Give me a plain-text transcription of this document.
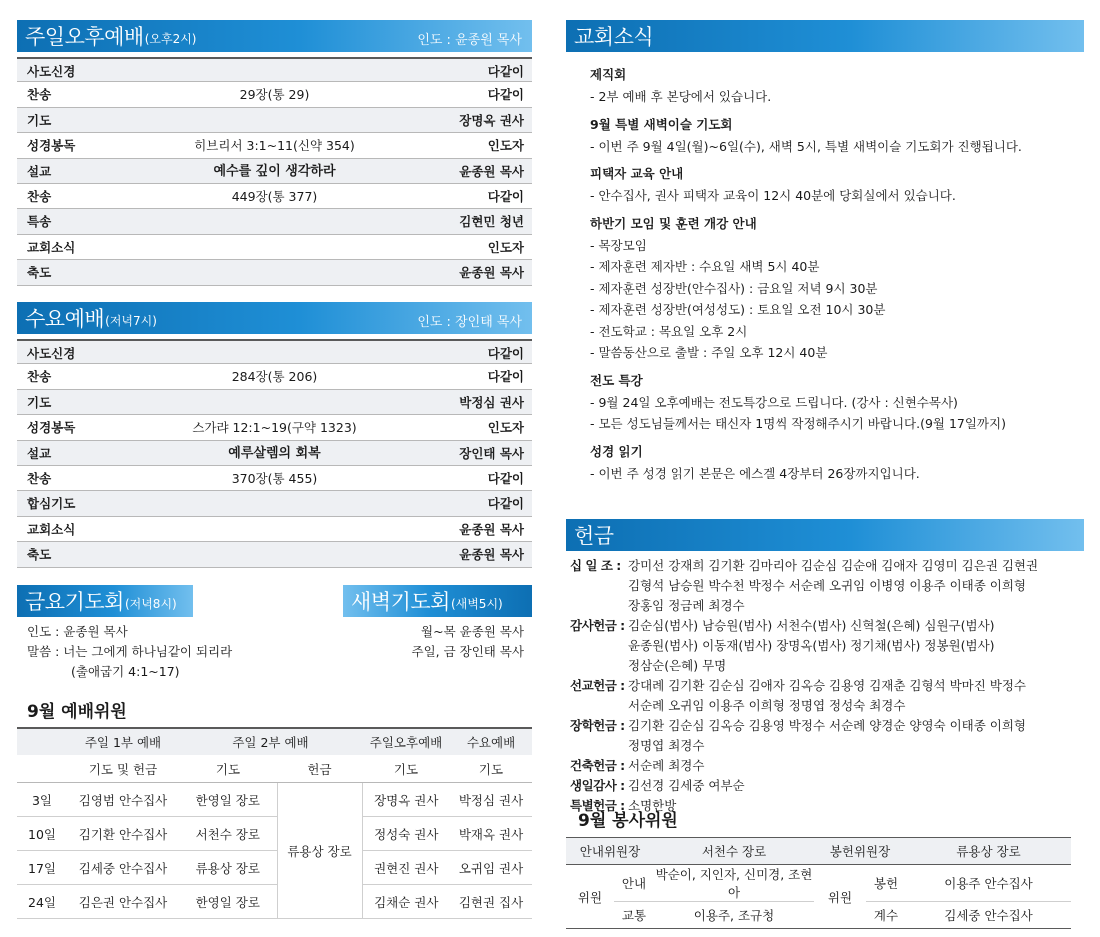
주일오후예배 (오후2시)	인도 : 윤종원 목사
사도신경	다같이
찬송	29장(통 29)	다같이
기도	장명옥 권사
성경봉독	히브리서 3:1~11(신약 354)	인도자
설교	예수를 깊이 생각하라	윤종원 목사
찬송	449장(통 377)	다같이
특송	김현민 청년
교회소식	인도자
축도	윤종원 목사
수요예배 (저녁7시)	인도 : 장인태 목사
사도신경	다같이
찬송	284장(통 206)	다같이
기도	박정심 권사
성경봉독	스가랴 12:1~19(구약 1323)	인도자
설교	예루살렘의 회복	장인태 목사
찬송	370장(통 455)	다같이
합심기도	다같이
교회소식	윤종원 목사
축도	윤종원 목사
금요기도회 (저녁8시)	새벽기도회 (새벽5시)
인도 : 윤종원 목사
말씀 : 너는 그에게 하나님같이 되리라
(출애굽기 4:1~17)
월~목 윤종원 목사
주일, 금 장인태 목사
9월 예배위원
	주일 1부 예배	주일 2부 예배		주일오후예배	수요예배
	기도 및 헌금	기도	헌금	기도	기도
3일	김영범 안수집사	한영일 장로	류용상 장로	장명옥 권사	박정심 권사
10일	김기환 안수집사	서천수 장로		정성숙 권사	박재옥 권사
17일	김세중 안수집사	류용상 장로		권현진 권사	오귀임 권사
24일	김은권 안수집사	한영일 장로		김채순 권사	김현권 집사
교회소식
제직회
- 2부 예배 후 본당에서 있습니다.
9월 특별 새벽이슬 기도회
- 이번 주 9월 4일(월)~6일(수), 새벽 5시, 특별 새벽이슬 기도회가 진행됩니다.
피택자 교육 안내
- 안수집사, 권사 피택자 교육이 12시 40분에 당회실에서 있습니다.
하반기 모임 및 훈련 개강 안내
- 목장모임
- 제자훈련 제자반 : 수요일 새벽 5시 40분
- 제자훈련 성장반(안수집사) : 금요일 저녁 9시 30분
- 제자훈련 성장반(여성성도) : 토요일 오전 10시 30분
- 전도학교 : 목요일 오후 2시
- 말씀동산으로 출발 : 주일 오후 12시 40분
전도 특강
- 9월 24일 오후예배는 전도특강으로 드립니다. (강사 : 신현수목사)
- 모든 성도님들께서는 태신자 1명씩 작정해주시기 바랍니다.(9월 17일까지)
성경 읽기
- 이번 주 성경 읽기 본문은 에스겔 4장부터 26장까지입니다.
헌금
십 일 조 : 강미선 강재희 김기환 김마리아 김순심 김순애 김애자 김영미 김은권 김현권
김형석 남승원 박수천 박정수 서순례 오귀임 이병영 이용주 이태종 이희형
장홍임 정금례 최경수
감사헌금 : 김순심(범사) 남승원(범사) 서천수(범사) 신혁철(은혜) 심원구(범사)
윤종원(범사) 이동재(범사) 장명옥(범사) 정기채(범사) 정봉원(범사)
정삼순(은혜) 무명
선교헌금 : 강대례 김기환 김순심 김애자 김옥승 김용영 김재춘 김형석 박마진 박정수
서순례 오귀임 이용주 이희형 정명엽 정성숙 최경수
장학헌금 : 김기환 김순심 김옥승 김용영 박정수 서순례 양경순 양영숙 이태종 이희형
정명엽 최경수
건축헌금 : 서순례 최경수
생일감사 : 김선경 김세중 여부순
특별헌금 : 소명한방
9월 봉사위원
안내위원장		서천수 장로	봉헌위원장		류용상 장로
위원	안내	박순이, 지인자, 신미경, 조현아	위원	봉헌	이용주 안수집사
	교통	이용주, 조규청		계수	김세중 안수집사
